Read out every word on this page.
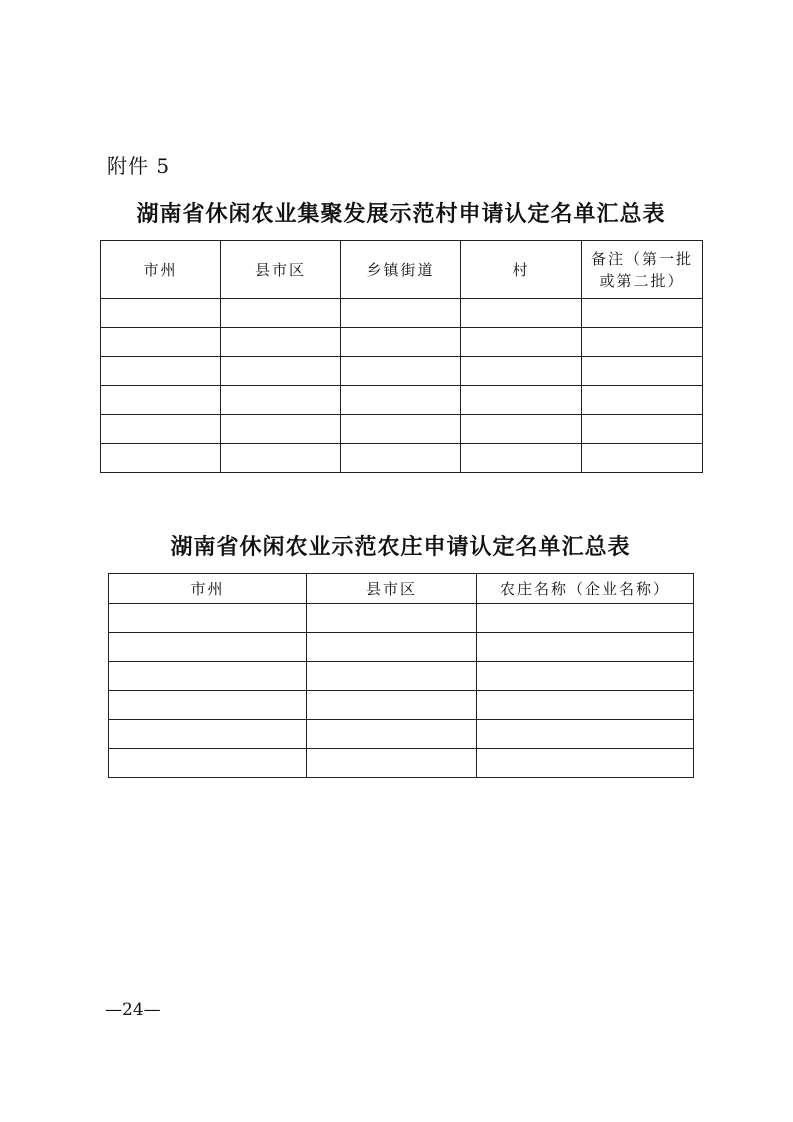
附件 5
湖南省休闲农业集聚发展示范村申请认定名单汇总表
市州	县市区	乡镇街道	村	备注（第一批
或第二批）

湖南省休闲农业示范农庄申请认定名单汇总表
市州	县市区	农庄名称（企业名称）

—24—
